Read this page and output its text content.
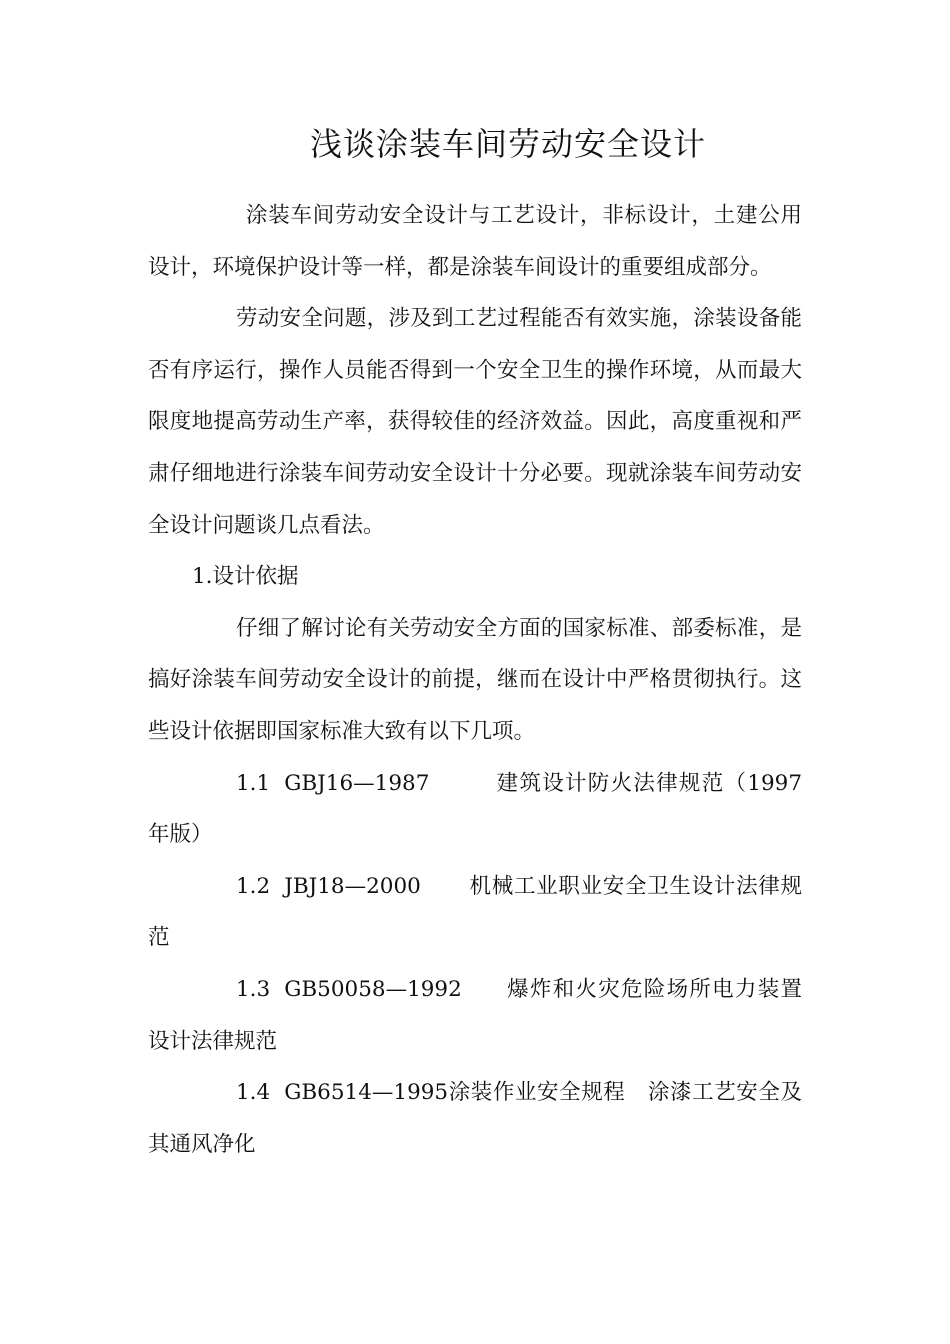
浅谈涂装车间劳动安全设计

涂装车间劳动安全设计与工艺设计，非标设计，土建公用设计，环境保护设计等一样，都是涂装车间设计的重要组成部分。

劳动安全问题，涉及到工艺过程能否有效实施，涂装设备能否有序运行，操作人员能否得到一个安全卫生的操作环境，从而最大限度地提高劳动生产率，获得较佳的经济效益。因此，高度重视和严肃仔细地进行涂装车间劳动安全设计十分必要。现就涂装车间劳动安全设计问题谈几点看法。

1.设计依据

仔细了解讨论有关劳动安全方面的国家标准、部委标准，是搞好涂装车间劳动安全设计的前提，继而在设计中严格贯彻执行。这些设计依据即国家标准大致有以下几项。

1.1 GBJ16—1987	建筑设计防火法律规范（1997年版）

1.2 JBJ18—2000 机械工业职业安全卫生设计法律规范

1.3 GB50058—1992 爆炸和火灾危险场所电力装置设计法律规范

1.4 GB6514—1995涂装作业安全规程 涂漆工艺安全及其通风净化
